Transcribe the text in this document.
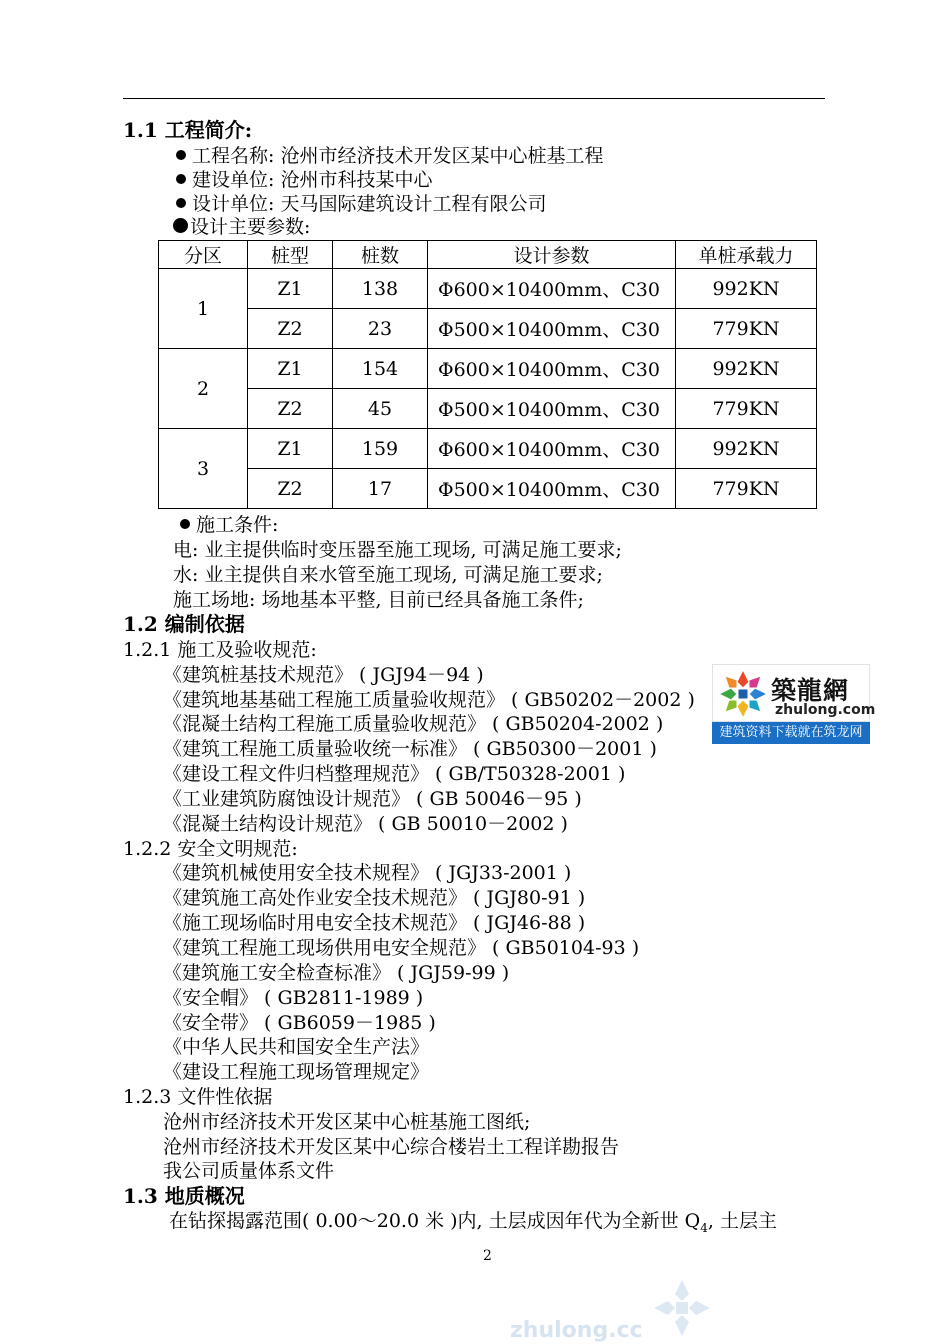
1.1 工程简介:
工程名称: 沧州市经济技术开发区某中心桩基工程
建设单位: 沧州市科技某中心
设计单位: 天马国际建筑设计工程有限公司
设计主要参数:
分区	桩型	桩数	设计参数	单桩承载力
1	Z1	138	Φ600×10400mm、C30	992KN
	Z2	23	Φ500×10400mm、C30	779KN
2	Z1	154	Φ600×10400mm、C30	992KN
	Z2	45	Φ500×10400mm、C30	779KN
3	Z1	159	Φ600×10400mm、C30	992KN
	Z2	17	Φ500×10400mm、C30	779KN
施工条件:
电: 业主提供临时变压器至施工现场, 可满足施工要求;
水: 业主提供自来水管至施工现场, 可满足施工要求;
施工场地: 场地基本平整, 目前已经具备施工条件;
1.2 编制依据
1.2.1 施工及验收规范:
《建筑桩基技术规范》 ( JGJ94－94 )
《建筑地基基础工程施工质量验收规范》 ( GB50202－2002 )
《混凝土结构工程施工质量验收规范》 ( GB50204-2002 )
《建筑工程施工质量验收统一标准》 ( GB50300－2001 )
《建设工程文件归档整理规范》 ( GB/T50328-2001 )
《工业建筑防腐蚀设计规范》 ( GB 50046－95 )
《混凝土结构设计规范》 ( GB 50010－2002 )
1.2.2 安全文明规范:
《建筑机械使用安全技术规程》 ( JGJ33-2001 )
《建筑施工高处作业安全技术规范》 ( JGJ80-91 )
《施工现场临时用电安全技术规范》 ( JGJ46-88 )
《建筑工程施工现场供用电安全规范》 ( GB50104-93 )
《建筑施工安全检查标准》 ( JGJ59-99 )
《安全帽》 ( GB2811-1989 )
《安全带》 ( GB6059－1985 )
《中华人民共和国安全生产法》
《建设工程施工现场管理规定》
1.2.3 文件性依据
沧州市经济技术开发区某中心桩基施工图纸;
沧州市经济技术开发区某中心综合楼岩土工程详勘报告
我公司质量体系文件
1.3 地质概况
在钻探揭露范围( 0.00～20.0 米 )内, 土层成因年代为全新世 $Q_4$, 土层主
築龍網
zhulong.com
建筑资料下载就在筑龙网
2
zhulong.cc
